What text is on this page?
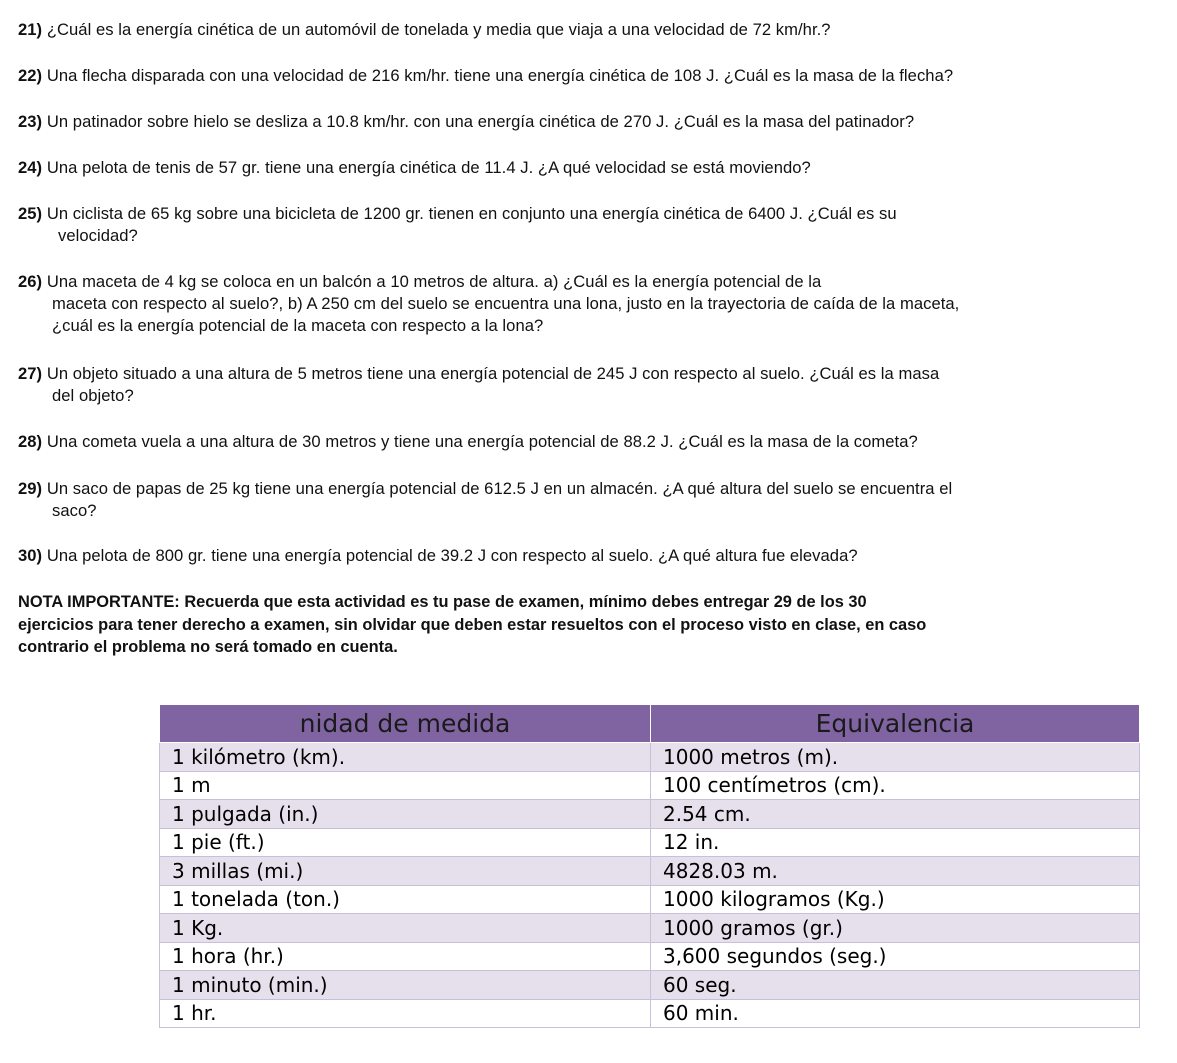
21) ¿Cuál es la energía cinética de un automóvil de tonelada y media que viaja a una velocidad de 72 km/hr.?
22) Una flecha disparada con una velocidad de 216 km/hr. tiene una energía cinética de 108 J. ¿Cuál es la masa de la flecha?
23) Un patinador sobre hielo se desliza a 10.8 km/hr. con una energía cinética de 270 J. ¿Cuál es la masa del patinador?
24) Una pelota de tenis de 57 gr. tiene una energía cinética de 11.4 J. ¿A qué velocidad se está moviendo?
25) Un ciclista de 65 kg sobre una bicicleta de 1200 gr. tienen en conjunto una energía cinética de 6400 J. ¿Cuál es su
velocidad?
26) Una maceta de 4 kg se coloca en un balcón a 10 metros de altura. a) ¿Cuál es la energía potencial de la
maceta con respecto al suelo?, b) A 250 cm del suelo se encuentra una lona, justo en la trayectoria de caída de la maceta,
¿cuál es la energía potencial de la maceta con respecto a la lona?
27) Un objeto situado a una altura de 5 metros tiene una energía potencial de 245 J con respecto al suelo. ¿Cuál es la masa
del objeto?
28) Una cometa vuela a una altura de 30 metros y tiene una energía potencial de 88.2 J. ¿Cuál es la masa de la cometa?
29) Un saco de papas de 25 kg tiene una energía potencial de 612.5 J en un almacén. ¿A qué altura del suelo se encuentra el
saco?
30) Una pelota de 800 gr. tiene una energía potencial de 39.2 J con respecto al suelo. ¿A qué altura fue elevada?
NOTA IMPORTANTE: Recuerda que esta actividad es tu pase de examen, mínimo debes entregar 29 de los 30
ejercicios para tener derecho a examen, sin olvidar que deben estar resueltos con el proceso visto en clase, en caso
contrario el problema no será tomado en cuenta.
nidad de medida	Equivalencia
1 kilómetro (km).	1000 metros (m).
1 m	100 centímetros (cm).
1 pulgada (in.)	2.54 cm.
1 pie (ft.)	12 in.
3 millas (mi.)	4828.03 m.
1 tonelada (ton.)	1000 kilogramos (Kg.)
1 Kg.	1000 gramos (gr.)
1 hora (hr.)	3,600 segundos (seg.)
1 minuto (min.)	60 seg.
1 hr.	60 min.
